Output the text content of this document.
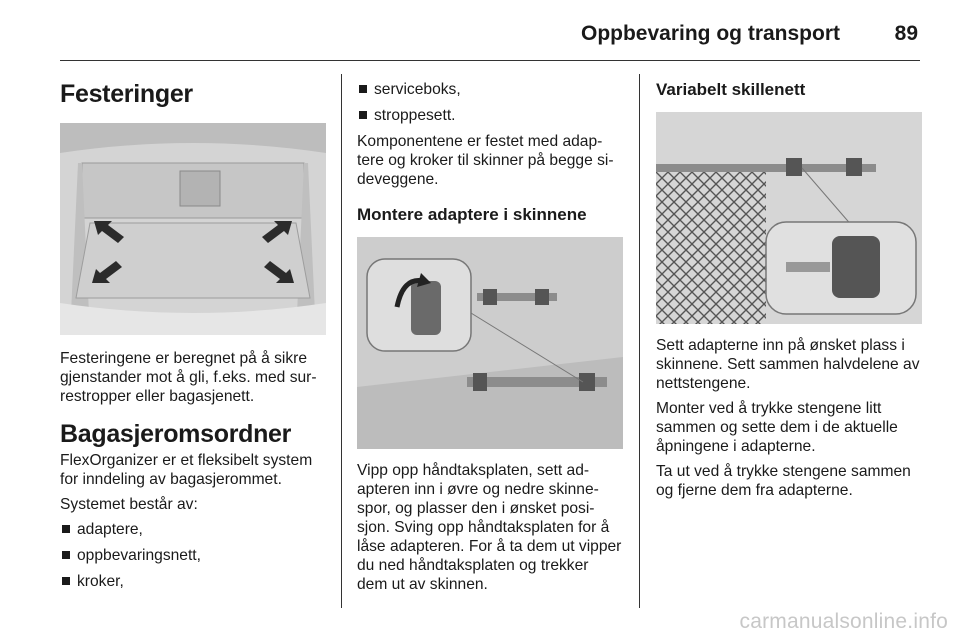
Oppbevaring og transport	89
Festeringer

Festeringene er beregnet på å sikre gjenstander mot å gli, f.eks. med sur-restropper eller bagasjenett.

Bagasjeromsordner

FlexOrganizer er et fleksibelt system for inndeling av bagasjerommet.

Systemet består av:

adaptere,
oppbevaringsnett,
kroker,
serviceboks,
stroppesett.

Komponentene er festet med adap-tere og kroker til skinner på begge si-deveggene.

Montere adaptere i skinnene

Vipp opp håndtaksplaten, sett ad-apteren inn i øvre og nedre skinne-spor, og plasser den i ønsket posi-sjon. Sving opp håndtaksplaten for å låse adapteren. For å ta dem ut vipper du ned håndtaksplaten og trekker dem ut av skinnen.

Variabelt skillenett

Sett adapterne inn på ønsket plass i skinnene. Sett sammen halvdelene av nettstengene.

Monter ved å trykke stengene litt sammen og sette dem i de aktuelle åpningene i adapterne.

Ta ut ved å trykke stengene sammen og fjerne dem fra adapterne.

carmanualsonline.info
